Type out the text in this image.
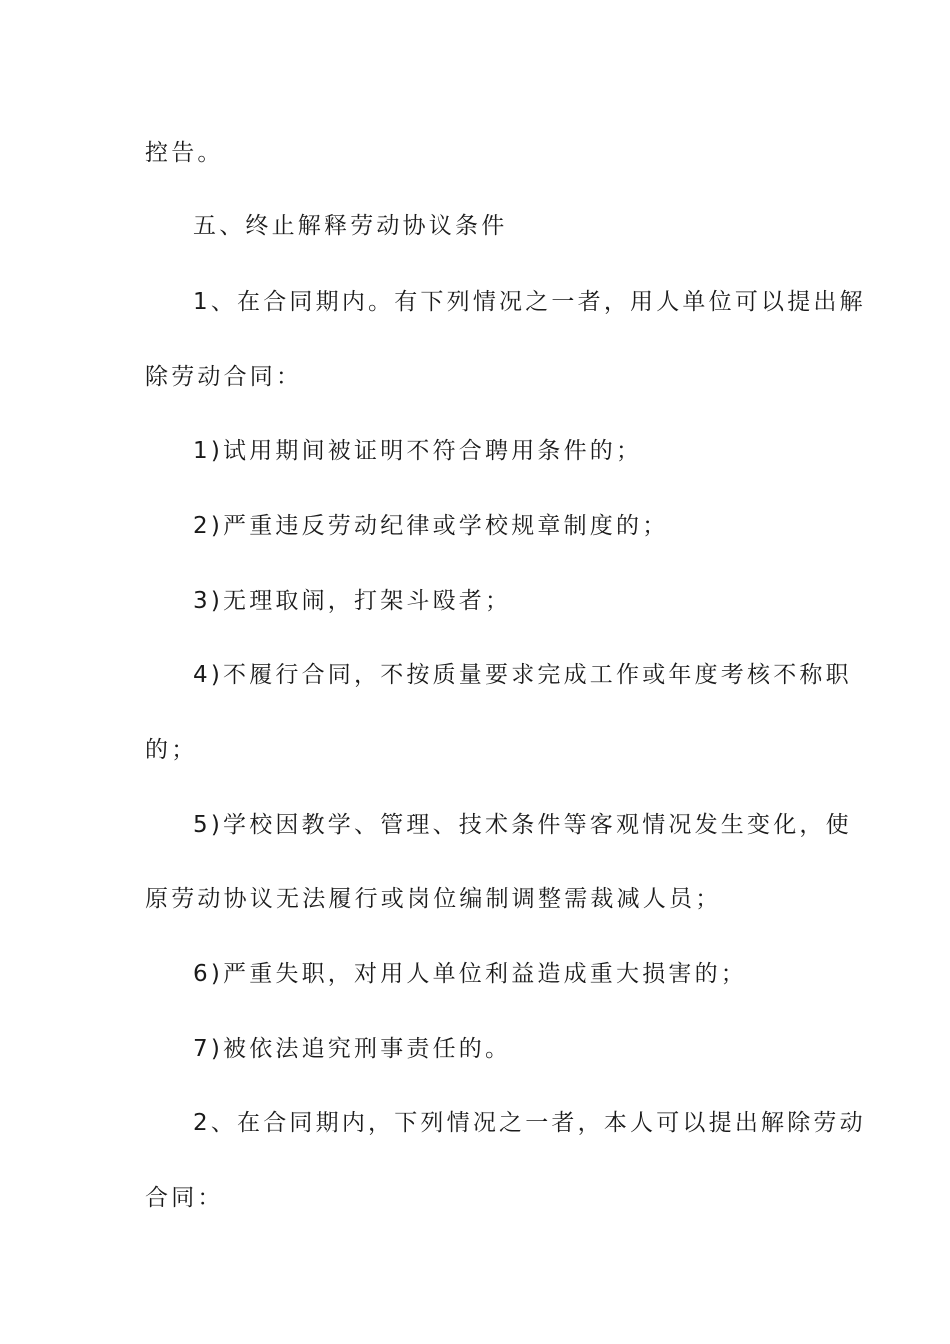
控告。
五、终止解释劳动协议条件
1、在合同期内。有下列情况之一者，用人单位可以提出解
除劳动合同：
1)试用期间被证明不符合聘用条件的；
2)严重违反劳动纪律或学校规章制度的；
3)无理取闹，打架斗殴者；
4)不履行合同，不按质量要求完成工作或年度考核不称职
的；
5)学校因教学、管理、技术条件等客观情况发生变化，使
原劳动协议无法履行或岗位编制调整需裁减人员；
6)严重失职，对用人单位利益造成重大损害的；
7)被依法追究刑事责任的。
2、在合同期内，下列情况之一者，本人可以提出解除劳动
合同：
